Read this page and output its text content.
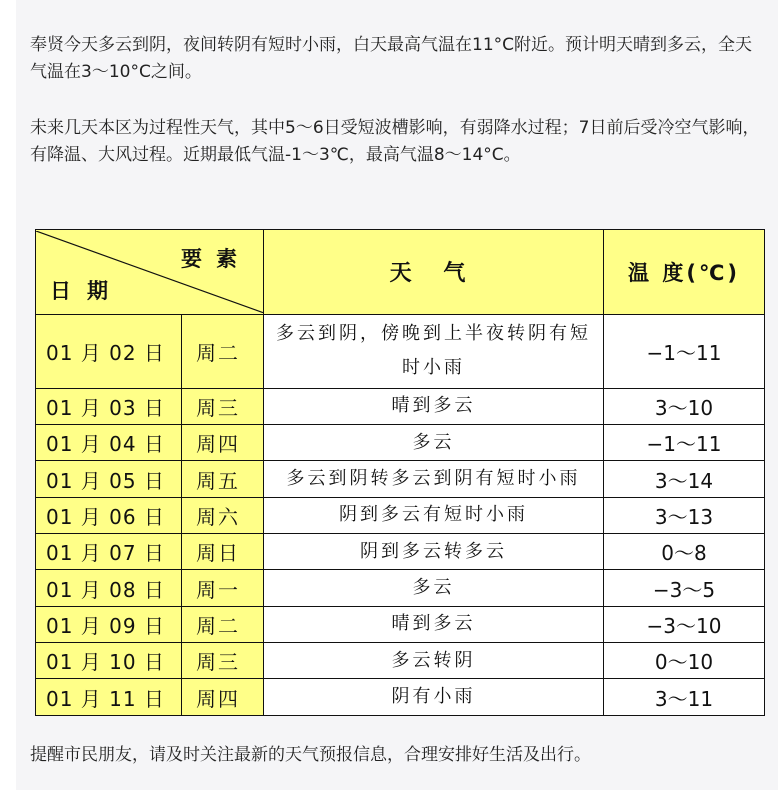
奉贤今天多云到阴，夜间转阴有短时小雨，白天最高气温在11°C附近。预计明天晴到多云，全天气温在3～10°C之间。

未来几天本区为过程性天气，其中5～6日受短波槽影响，有弱降水过程；7日前后受冷空气影响，有降温、大风过程。近期最低气温-1～3℃，最高气温8～14°C。

要素
日期		天 气	温 度(℃)
01 月 02 日	周二	多云到阴，傍晚到上半夜转阴有短时小雨	−1～11
01 月 03 日	周三	晴到多云	3～10
01 月 04 日	周四	多云	−1～11
01 月 05 日	周五	多云到阴转多云到阴有短时小雨	3～14
01 月 06 日	周六	阴到多云有短时小雨	3～13
01 月 07 日	周日	阴到多云转多云	0～8
01 月 08 日	周一	多云	−3～5
01 月 09 日	周二	晴到多云	−3～10
01 月 10 日	周三	多云转阴	0～10
01 月 11 日	周四	阴有小雨	3～11

提醒市民朋友，请及时关注最新的天气预报信息，合理安排好生活及出行。
